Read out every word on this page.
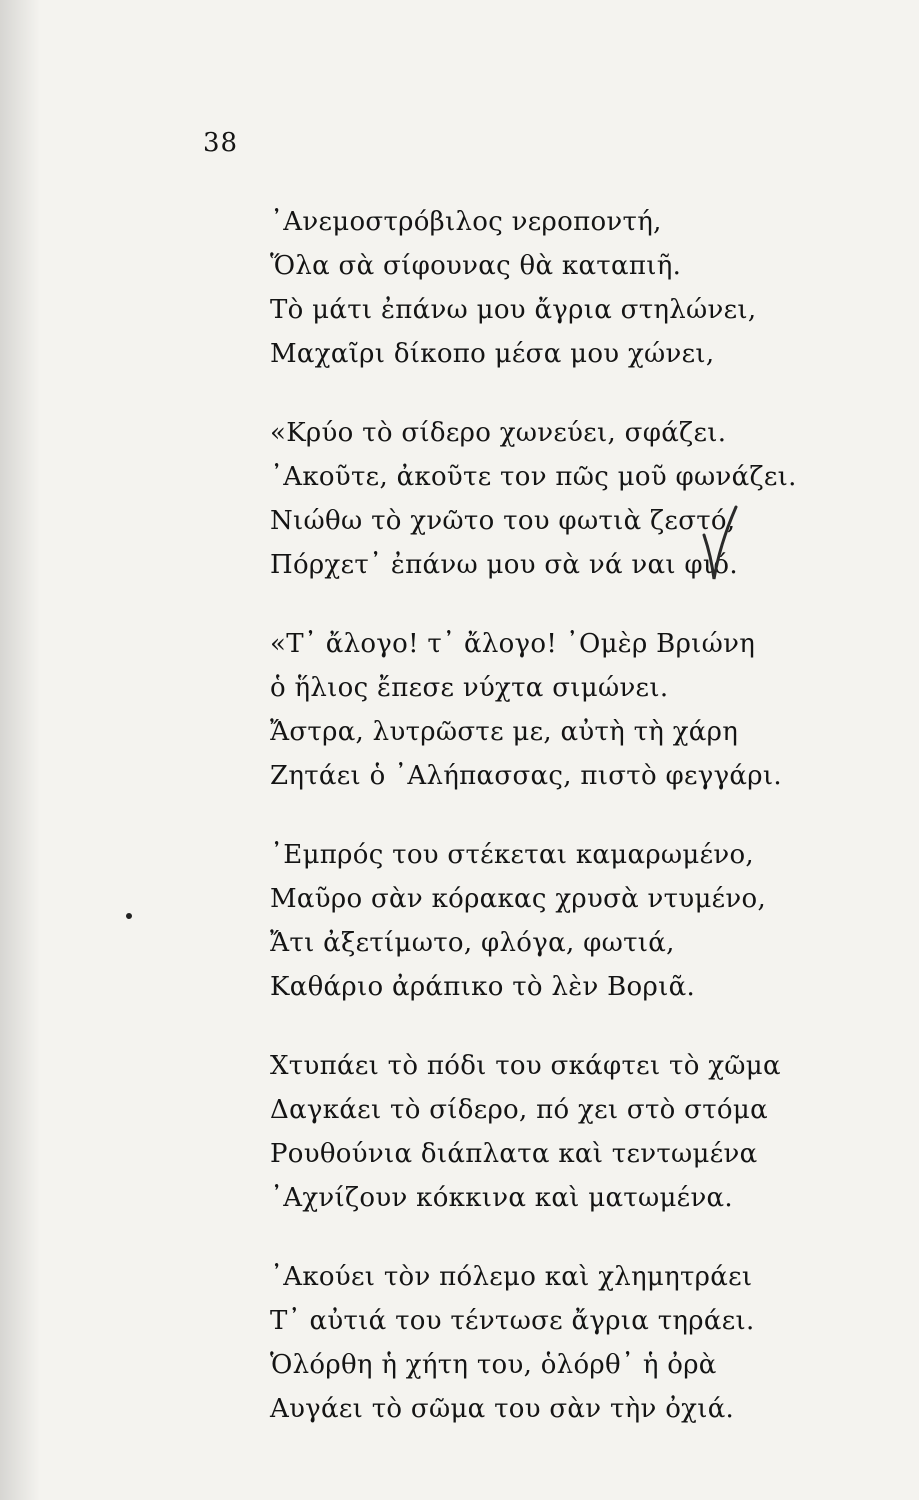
38
᾽Ανεμοστρόβιλος νεροποντή,
Ὅλα σὰ σίφουνας θὰ καταπιῆ.
Τὸ μάτι ἐπάνω μου ἄγρια στηλώνει,
Μαχαῖρι δίκοπο μέσα μου χώνει,
«Κρύο τὸ σίδερο χωνεύει, σφάζει.
᾽Ακοῦτε, ἀκοῦτε τον πῶς μοῦ φωνάζει.
Νιώθω τὸ χνῶτο του φωτιὰ ζεστό,
Πόρχετ᾽ ἐπάνω μου σὰ νά ναι φιό.
«Τ᾽ ἄλογο! τ᾽ ἄλογο! ᾽Ομὲρ Βριώνη
ὁ ἥλιος ἔπεσε νύχτα σιμώνει.
Ἄστρα, λυτρῶστε με, αὐτὴ τὴ χάρη
Ζητάει ὁ ᾽Αλήπασσας, πιστὸ φεγγάρι.
᾽Εμπρός του στέκεται καμαρωμένο,
Μαῦρο σὰν κόρακας χρυσὰ ντυμένο,
Ἄτι ἀξετίμωτο, φλόγα, φωτιά,
Καθάριο ἀράπικο τὸ λὲν Βοριᾶ.
Χτυπάει τὸ πόδι του σκάφτει τὸ χῶμα
Δαγκάει τὸ σίδερο, πό χει στὸ στόμα
Ρουθούνια διάπλατα καὶ τεντωμένα
᾽Αχνίζουν κόκκινα καὶ ματωμένα.
᾽Ακούει τὸν πόλεμο καὶ χλημητράει
Τ᾽ αὐτιά του τέντωσε ἄγρια τηράει.
Ὁλόρθη ἡ χήτη του, ὁλόρθ᾽ ἡ ὀρὰ
Αυγάει τὸ σῶμα του σὰν τὴν ὀχιά.
